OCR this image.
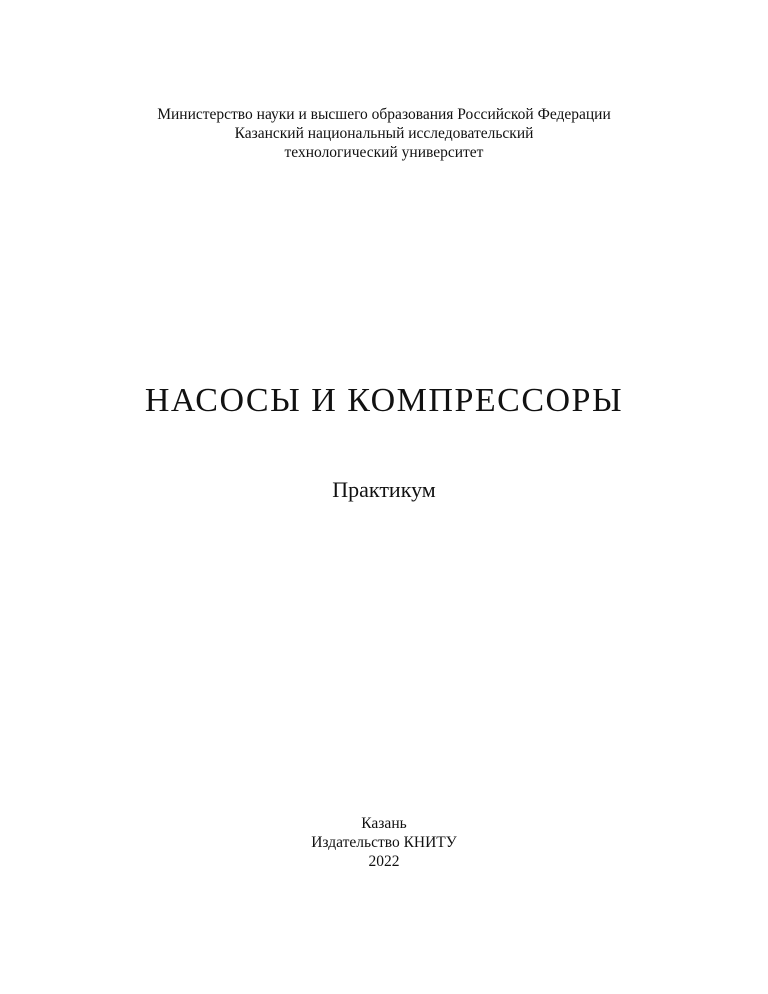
Министерство науки и высшего образования Российской Федерации
Казанский национальный исследовательский
технологический университет
НАСОСЫ И КОМПРЕССОРЫ
Практикум
Казань
Издательство КНИТУ
2022
